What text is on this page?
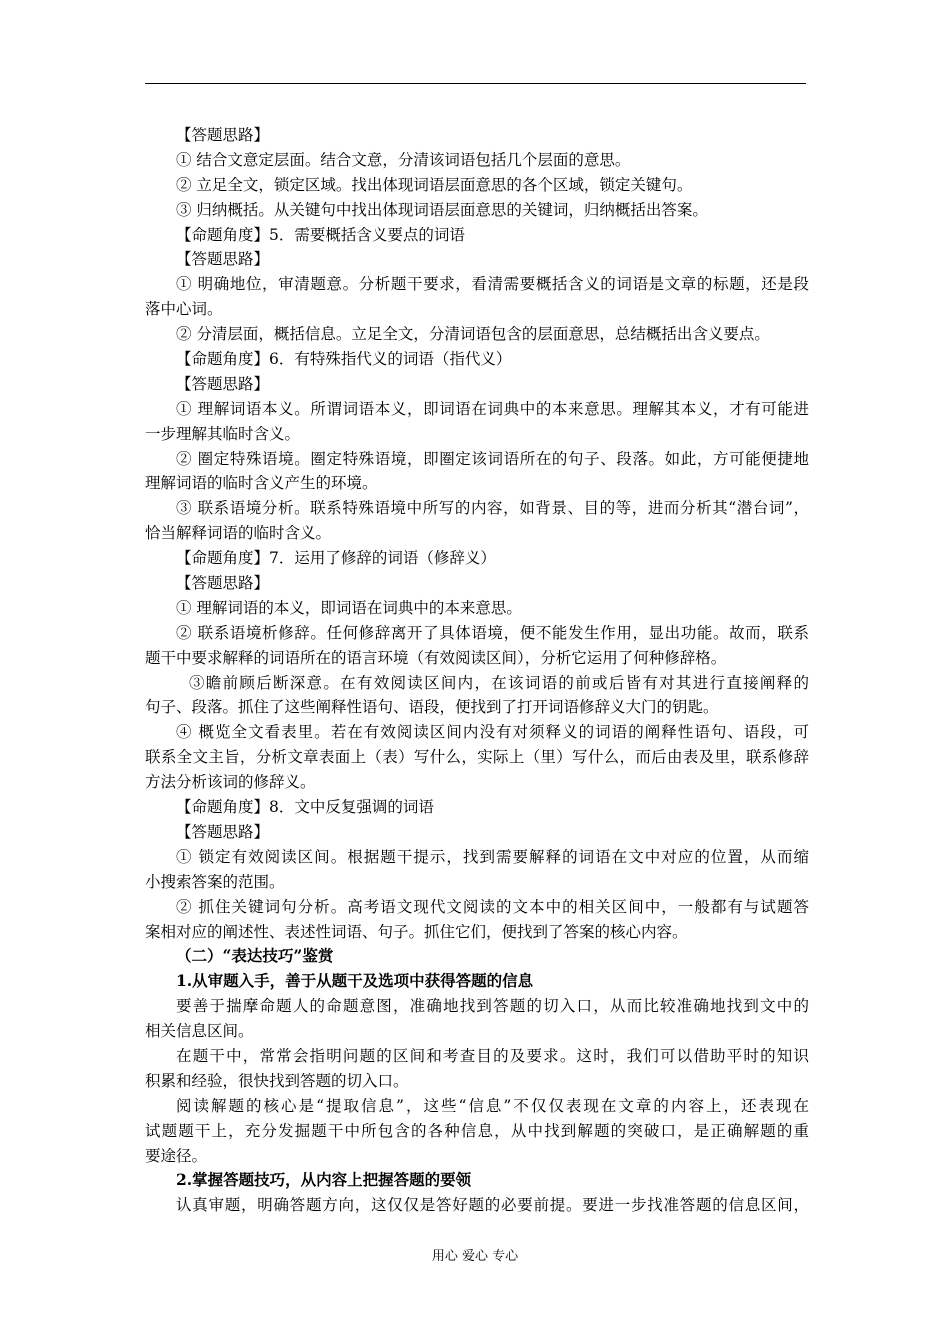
【答题思路】
① 结合文意定层面。结合文意，分清该词语包括几个层面的意思。
② 立足全文，锁定区域。找出体现词语层面意思的各个区域，锁定关键句。
③ 归纳概括。从关键句中找出体现词语层面意思的关键词，归纳概括出答案。
【命题角度】5．需要概括含义要点的词语
【答题思路】
① 明确地位，审清题意。分析题干要求，看清需要概括含义的词语是文章的标题，还是段
落中心词。
② 分清层面，概括信息。立足全文，分清词语包含的层面意思，总结概括出含义要点。
【命题角度】6．有特殊指代义的词语（指代义）
【答题思路】
① 理解词语本义。所谓词语本义，即词语在词典中的本来意思。理解其本义，才有可能进
一步理解其临时含义。
② 圈定特殊语境。圈定特殊语境，即圈定该词语所在的句子、段落。如此，方可能便捷地
理解词语的临时含义产生的环境。
③ 联系语境分析。联系特殊语境中所写的内容，如背景、目的等，进而分析其“潜台词”，
恰当解释词语的临时含义。
【命题角度】7．运用了修辞的词语（修辞义）
【答题思路】
① 理解词语的本义，即词语在词典中的本来意思。
② 联系语境析修辞。任何修辞离开了具体语境，便不能发生作用，显出功能。故而，联系
题干中要求解释的词语所在的语言环境（有效阅读区间），分析它运用了何种修辞格。
③瞻前顾后断深意。在有效阅读区间内，在该词语的前或后皆有对其进行直接阐释的
句子、段落。抓住了这些阐释性语句、语段，便找到了打开词语修辞义大门的钥匙。
④ 概览全文看表里。若在有效阅读区间内没有对须释义的词语的阐释性语句、语段，可
联系全文主旨，分析文章表面上（表）写什么，实际上（里）写什么，而后由表及里，联系修辞
方法分析该词的修辞义。
【命题角度】8．文中反复强调的词语
【答题思路】
① 锁定有效阅读区间。根据题干提示，找到需要解释的词语在文中对应的位置，从而缩
小搜索答案的范围。
② 抓住关键词句分析。高考语文现代文阅读的文本中的相关区间中，一般都有与试题答
案相对应的阐述性、表述性词语、句子。抓住它们，便找到了答案的核心内容。
（二）“表达技巧”鉴赏
1.从审题入手，善于从题干及选项中获得答题的信息
要善于揣摩命题人的命题意图，准确地找到答题的切入口，从而比较准确地找到文中的
相关信息区间。
在题干中，常常会指明问题的区间和考查目的及要求。这时，我们可以借助平时的知识
积累和经验，很快找到答题的切入口。
阅读解题的核心是“提取信息”，这些“信息”不仅仅表现在文章的内容上，还表现在
试题题干上，充分发掘题干中所包含的各种信息，从中找到解题的突破口，是正确解题的重
要途径。
2.掌握答题技巧，从内容上把握答题的要领
认真审题，明确答题方向，这仅仅是答好题的必要前提。要进一步找准答题的信息区间，
用心 爱心 专心
